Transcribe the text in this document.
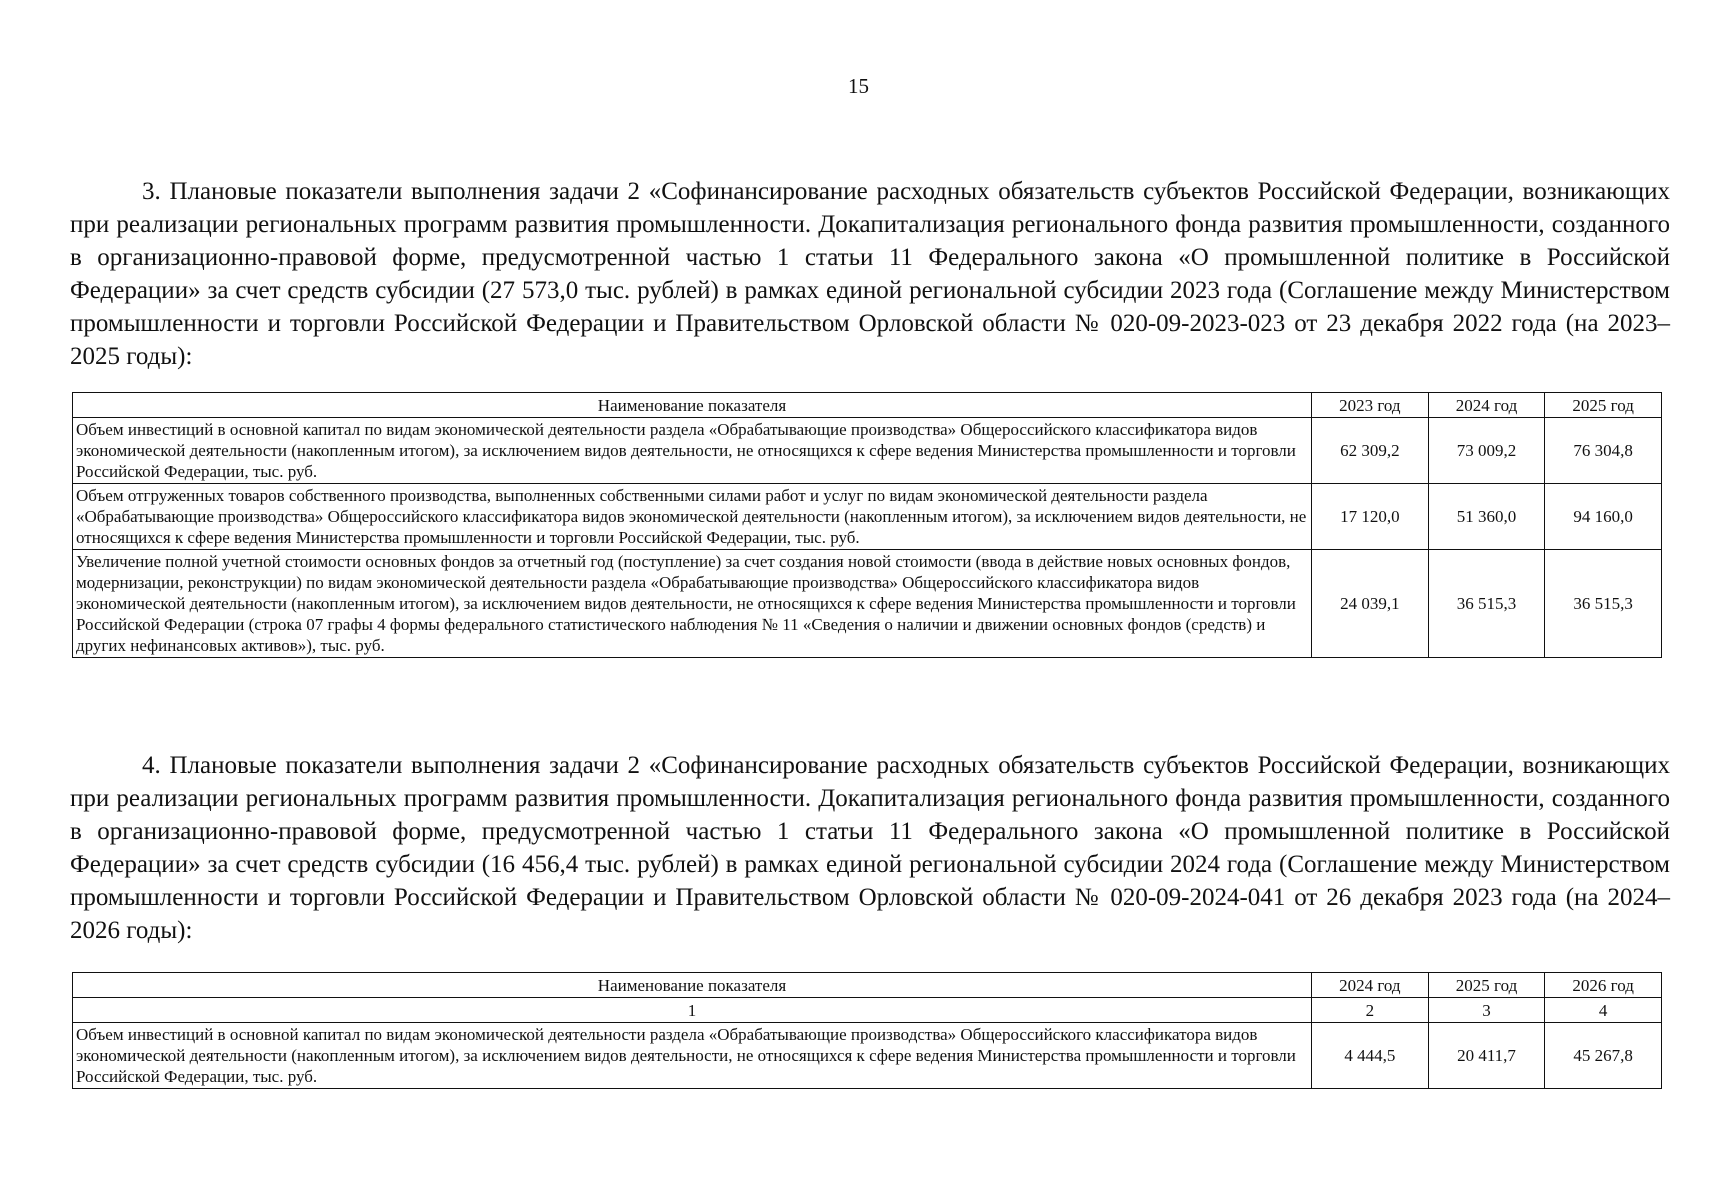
15

3. Плановые показатели выполнения задачи 2 «Софинансирование расходных обязательств субъектов Российской Федерации, возникающих при реализации региональных программ развития промышленности. Докапитализация регионального фонда развития промышленности, созданного в организационно-правовой форме, предусмотренной частью 1 статьи 11 Федерального закона «О промышленной политике в Российской Федерации» за счет средств субсидии (27 573,0 тыс. рублей) в рамках единой региональной субсидии 2023 года (Соглашение между Министерством промышленности и торговли Российской Федерации и Правительством Орловской области № 020-09-2023-023 от 23 декабря 2022 года (на 2023–2025 годы):

Наименование показателя	2023 год	2024 год	2025 год
Объем инвестиций в основной капитал по видам экономической деятельности раздела «Обрабатывающие производства» Общероссийского классификатора видов экономической деятельности (накопленным итогом), за исключением видов деятельности, не относящихся к сфере ведения Министерства промышленности и торговли Российской Федерации, тыс. руб.	62 309,2	73 009,2	76 304,8
Объем отгруженных товаров собственного производства, выполненных собственными силами работ и услуг по видам экономической деятельности раздела «Обрабатывающие производства» Общероссийского классификатора видов экономической деятельности (накопленным итогом), за исключением видов деятельности, не относящихся к сфере ведения Министерства промышленности и торговли Российской Федерации, тыс. руб.	17 120,0	51 360,0	94 160,0
Увеличение полной учетной стоимости основных фондов за отчетный год (поступление) за счет создания новой стоимости (ввода в действие новых основных фондов, модернизации, реконструкции) по видам экономической деятельности раздела «Обрабатывающие производства» Общероссийского классификатора видов экономической деятельности (накопленным итогом), за исключением видов деятельности, не относящихся к сфере ведения Министерства промышленности и торговли Российской Федерации (строка 07 графы 4 формы федерального статистического наблюдения № 11 «Сведения о наличии и движении основных фондов (средств) и других нефинансовых активов»), тыс. руб.	24 039,1	36 515,3	36 515,3

4. Плановые показатели выполнения задачи 2 «Софинансирование расходных обязательств субъектов Российской Федерации, возникающих при реализации региональных программ развития промышленности. Докапитализация регионального фонда развития промышленности, созданного в организационно-правовой форме, предусмотренной частью 1 статьи 11 Федерального закона «О промышленной политике в Российской Федерации» за счет средств субсидии (16 456,4 тыс. рублей) в рамках единой региональной субсидии 2024 года (Соглашение между Министерством промышленности и торговли Российской Федерации и Правительством Орловской области № 020-09-2024-041 от 26 декабря 2023 года (на 2024–2026 годы):

Наименование показателя	2024 год	2025 год	2026 год
1	2	3	4
Объем инвестиций в основной капитал по видам экономической деятельности раздела «Обрабатывающие производства» Общероссийского классификатора видов экономической деятельности (накопленным итогом), за исключением видов деятельности, не относящихся к сфере ведения Министерства промышленности и торговли Российской Федерации, тыс. руб.	4 444,5	20 411,7	45 267,8
